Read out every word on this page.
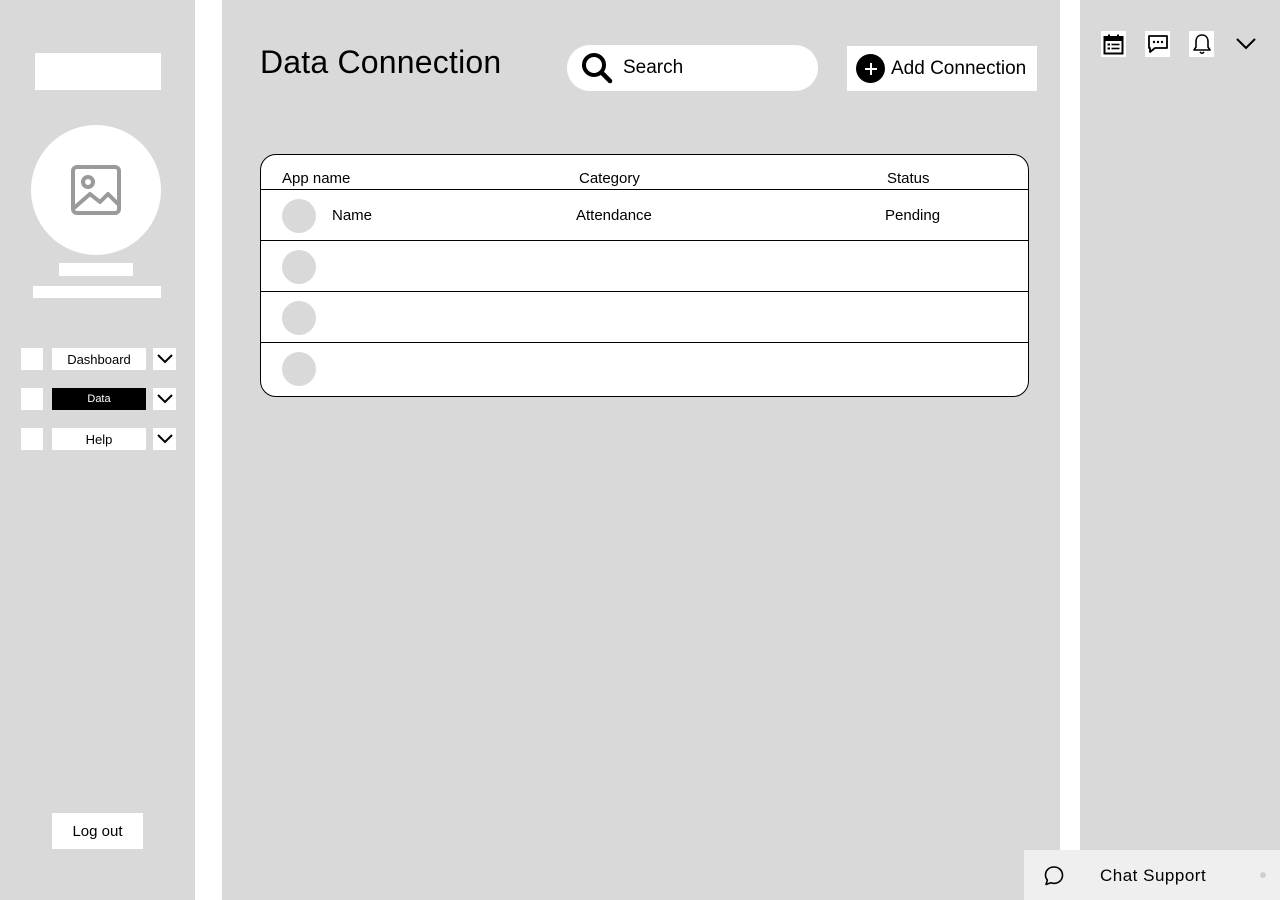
Dashboard
Data
Help
Log out
Data Connection
Search	Add Connection
App name	Category	Status
Name	Attendance	Pending
Chat Support
